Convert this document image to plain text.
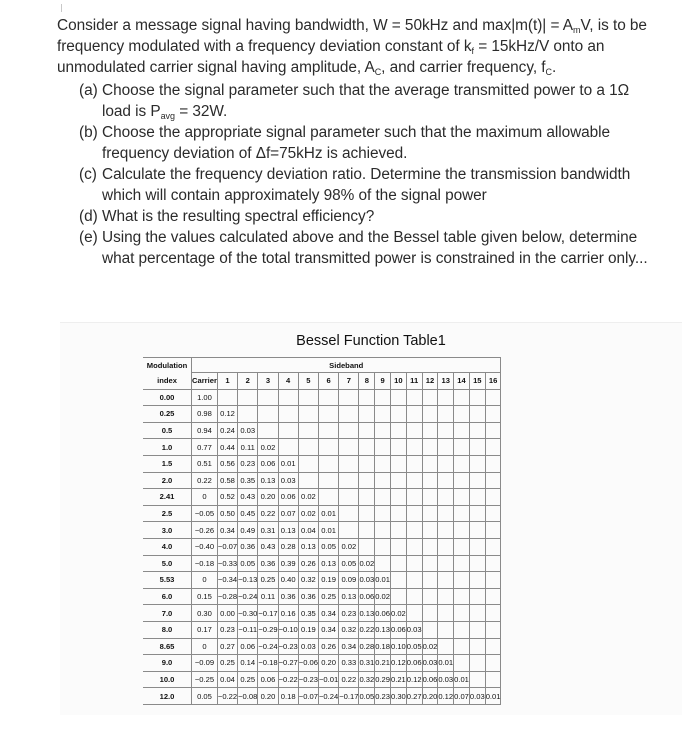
Consider a message signal having bandwidth, W = 50kHz and $\max|m(t)| = A_mV$, is to be frequency modulated with a frequency deviation constant of $k_f = 15kHz/V$ onto an unmodulated carrier signal having amplitude, $A_C$, and carrier frequency, $f_C$.

(a) Choose the signal parameter such that the average transmitted power to a 1Ω load is $P_{avg} = 32W$.
(b) Choose the appropriate signal parameter such that the maximum allowable frequency deviation of Δf=75kHz is achieved.
(c) Calculate the frequency deviation ratio. Determine the transmission bandwidth which will contain approximately 98% of the signal power
(d) What is the resulting spectral efficiency?
(e) Using the values calculated above and the Bessel table given below, determine what percentage of the total transmitted power is constrained in the carrier only...
Bessel Function Table1
Modulation	Sideband																
index	Carrier	1	2	3	4	5	6	7	8	9	10	11	12	13	14	15	16
0.00	1.00																
0.25	0.98	0.12															
0.5	0.94	0.24	0.03														
1.0	0.77	0.44	0.11	0.02													
1.5	0.51	0.56	0.23	0.06	0.01												
2.0	0.22	0.58	0.35	0.13	0.03												
2.41	0	0.52	0.43	0.20	0.06	0.02											
2.5	−0.05	0.50	0.45	0.22	0.07	0.02	0.01										
3.0	−0.26	0.34	0.49	0.31	0.13	0.04	0.01										
4.0	−0.40	−0.07	0.36	0.43	0.28	0.13	0.05	0.02									
5.0	−0.18	−0.33	0.05	0.36	0.39	0.26	0.13	0.05	0.02								
5.53	0	−0.34	−0.13	0.25	0.40	0.32	0.19	0.09	0.03	0.01							
6.0	0.15	−0.28	−0.24	0.11	0.36	0.36	0.25	0.13	0.06	0.02							
7.0	0.30	0.00	−0.30	−0.17	0.16	0.35	0.34	0.23	0.13	0.06	0.02						
8.0	0.17	0.23	−0.11	−0.29	−0.10	0.19	0.34	0.32	0.22	0.13	0.06	0.03					
8.65	0	0.27	0.06	−0.24	−0.23	0.03	0.26	0.34	0.28	0.18	0.10	0.05	0.02				
9.0	−0.09	0.25	0.14	−0.18	−0.27	−0.06	0.20	0.33	0.31	0.21	0.12	0.06	0.03	0.01			
10.0	−0.25	0.04	0.25	0.06	−0.22	−0.23	−0.01	0.22	0.32	0.29	0.21	0.12	0.06	0.03	0.01		
12.0	0.05	−0.22	−0.08	0.20	0.18	−0.07	−0.24	−0.17	0.05	0.23	0.30	0.27	0.20	0.12	0.07	0.03	0.01
